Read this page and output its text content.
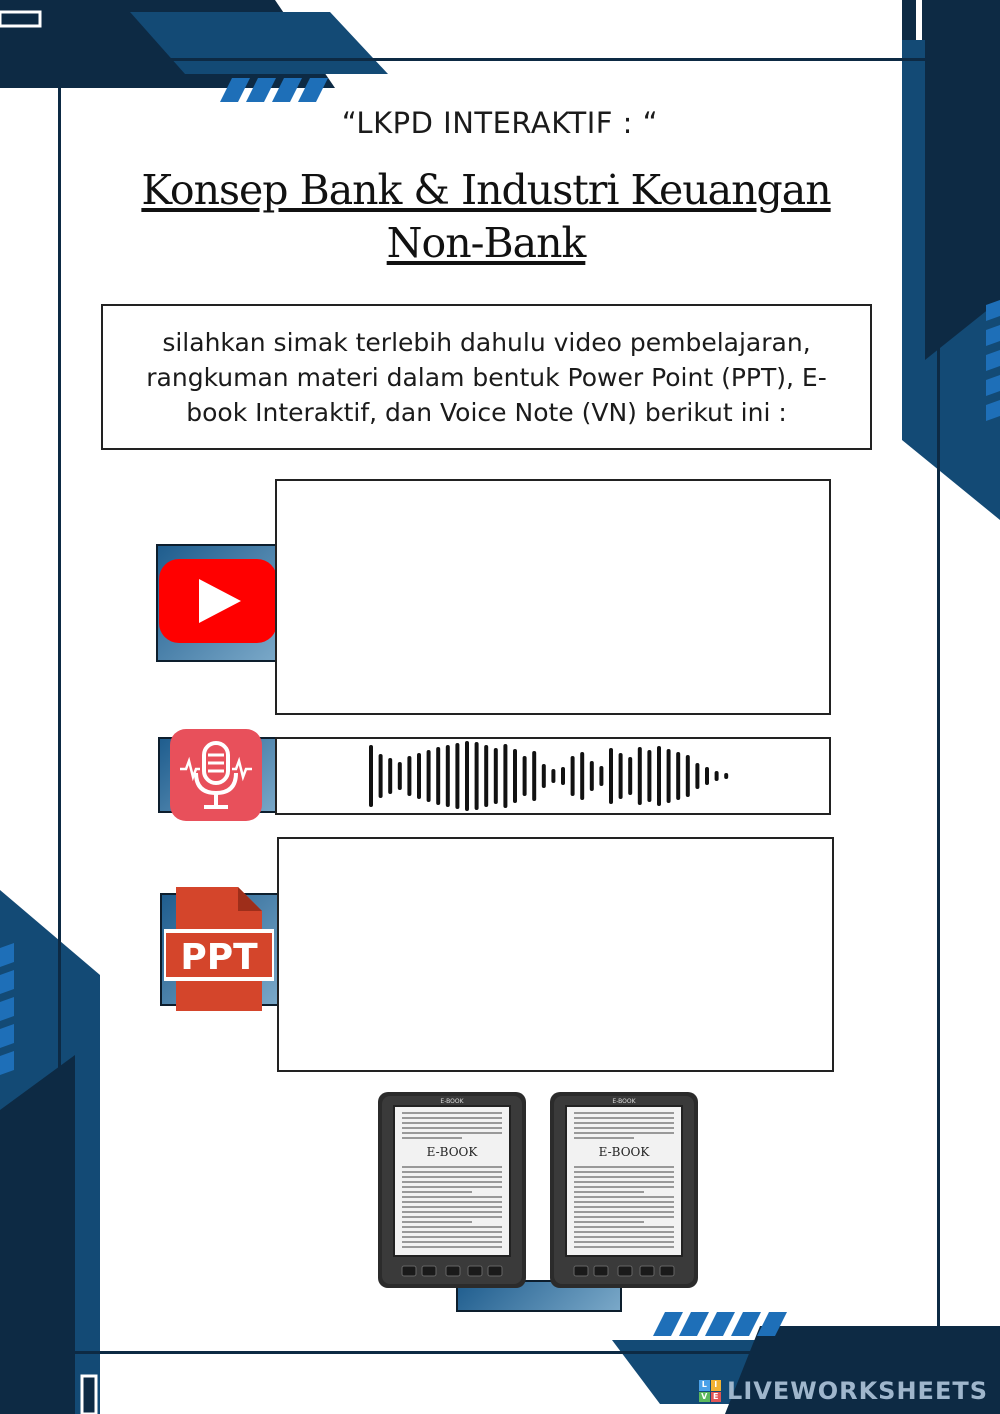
“LKPD INTERAKTIF : “
Konsep Bank & Industri Keuangan Non-Bank
silahkan simak terlebih dahulu video pembelajaran, rangkuman materi dalam bentuk Power Point (PPT), E-book Interaktif, dan Voice Note (VN) berikut ini :
PPT
E-BOOK
E-BOOK
E-BOOK
E-BOOK
L I
V E LIVEWORKSHEETS
